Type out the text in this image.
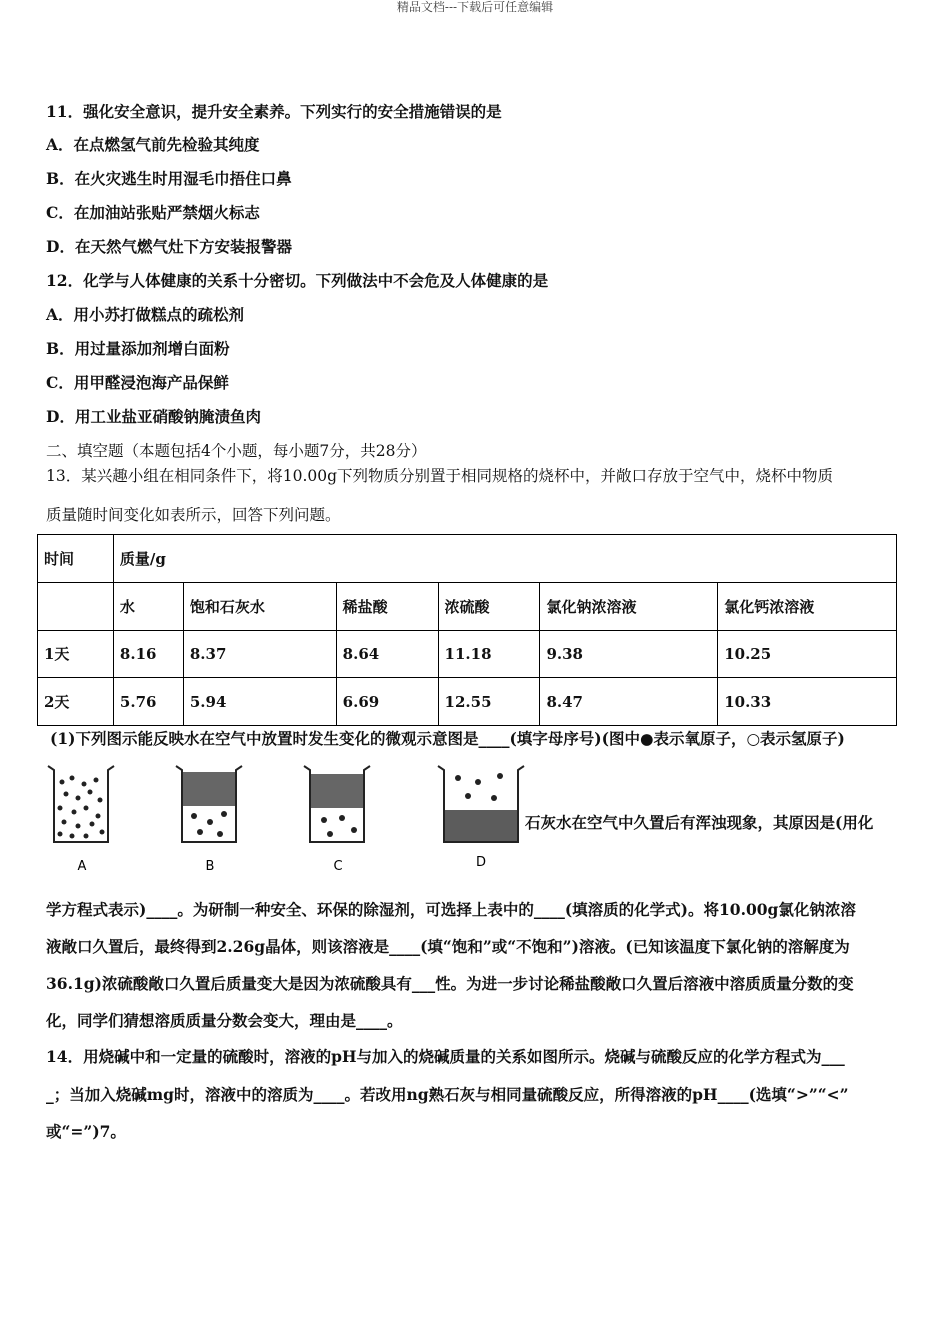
精品文档---下载后可任意编辑
11．强化安全意识，提升安全素养。下列实行的安全措施错误的是
A．在点燃氢气前先检验其纯度
B．在火灾逃生时用湿毛巾捂住口鼻
C．在加油站张贴严禁烟火标志
D．在天然气燃气灶下方安装报警器
12．化学与人体健康的关系十分密切。下列做法中不会危及人体健康的是
A．用小苏打做糕点的疏松剂
B．用过量添加剂增白面粉
C．用甲醛浸泡海产品保鲜
D．用工业盐亚硝酸钠腌渍鱼肉
二、填空题（本题包括4个小题，每小题7分，共28分）
13．某兴趣小组在相同条件下，将10.00g下列物质分别置于相同规格的烧杯中，并敞口存放于空气中，烧杯中物质
质量随时间变化如表所示，回答下列问题。
时间	质量/g					
	水	饱和石灰水	稀盐酸	浓硫酸	氯化钠浓溶液	氯化钙浓溶液
1天	8.16	8.37	8.64	11.18	9.38	10.25
2天	5.76	5.94	6.69	12.55	8.47	10.33
(1)下列图示能反映水在空气中放置时发生变化的微观示意图是____(填字母序号)(图中●表示氧原子，○表示氢原子)
A	B	C	D
石灰水在空气中久置后有浑浊现象，其原因是(用化
学方程式表示)____。为研制一种安全、环保的除湿剂，可选择上表中的____(填溶质的化学式)。将10.00g氯化钠浓溶
液敞口久置后，最终得到2.26g晶体，则该溶液是____(填“饱和”或“不饱和”)溶液。(已知该温度下氯化钠的溶解度为
36.1g)浓硫酸敞口久置后质量变大是因为浓硫酸具有___性。为进一步讨论稀盐酸敞口久置后溶液中溶质质量分数的变
化，同学们猜想溶质质量分数会变大，理由是____。
14．用烧碱中和一定量的硫酸时，溶液的pH与加入的烧碱质量的关系如图所示。烧碱与硫酸反应的化学方程式为___
_；当加入烧碱mg时，溶液中的溶质为____。若改用ng熟石灰与相同量硫酸反应，所得溶液的pH____(选填“>”“<”
或“=”)7。
